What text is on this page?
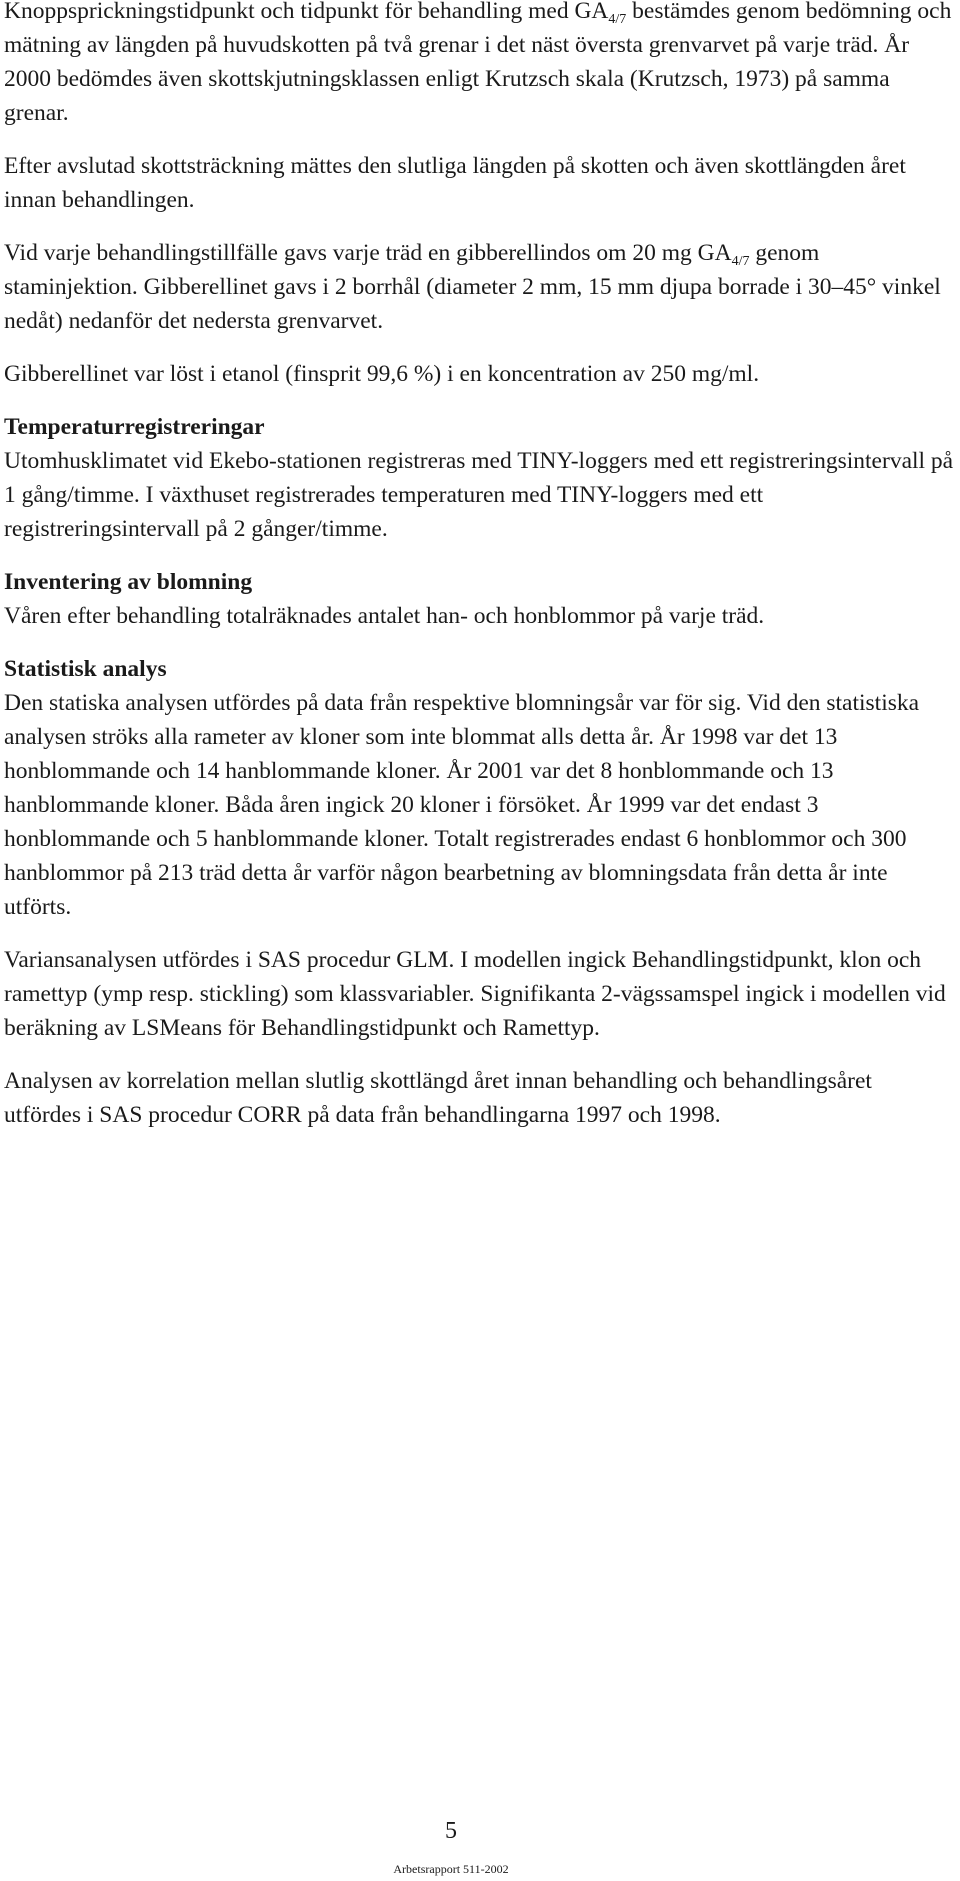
Knoppsprickningstidpunkt och tidpunkt för behandling med $GA_{4/7}$ bestämdes genom bedömning och mätning av längden på huvudskotten på två grenar i det näst översta grenvarvet på varje träd. År 2000 bedömdes även skottskjutningsklassen enligt Krutzsch skala (Krutzsch, 1973) på samma grenar.

Efter avslutad skottsträckning mättes den slutliga längden på skotten och även skottlängden året innan behandlingen.

Vid varje behandlingstillfälle gavs varje träd en gibberellindos om 20 mg $GA_{4/7}$ genom staminjektion. Gibberellinet gavs i 2 borrhål (diameter 2 mm, 15 mm djupa borrade i 30–45° vinkel nedåt) nedanför det nedersta grenvarvet.

Gibberellinet var löst i etanol (finsprit 99,6 %) i en koncentration av 250 mg/ml.

Temperaturregistreringar

Utomhusklimatet vid Ekebo-stationen registreras med TINY-loggers med ett registreringsintervall på 1 gång/timme. I växthuset registrerades temperaturen med TINY-loggers med ett registreringsintervall på 2 gånger/timme.

Inventering av blomning

Våren efter behandling totalräknades antalet han- och honblommor på varje träd.

Statistisk analys

Den statiska analysen utfördes på data från respektive blomningsår var för sig. Vid den statistiska analysen ströks alla rameter av kloner som inte blommat alls detta år. År 1998 var det 13 honblommande och 14 hanblommande kloner. År 2001 var det 8 honblommande och 13 hanblommande kloner. Båda åren ingick 20 kloner i försöket. År 1999 var det endast 3 honblommande och 5 hanblommande kloner. Totalt registrerades endast 6 honblommor och 300 hanblommor på 213 träd detta år varför någon bearbetning av blomningsdata från detta år inte utförts.

Variansanalysen utfördes i SAS procedur GLM. I modellen ingick Behandlingstidpunkt, klon och ramettyp (ymp resp. stickling) som klassvariabler. Signifikanta 2-vägssamspel ingick i modellen vid beräkning av LSMeans för Behandlingstidpunkt och Ramettyp.

Analysen av korrelation mellan slutlig skottlängd året innan behandling och behandlingsåret utfördes i SAS procedur CORR på data från behandlingarna 1997 och 1998.

5
Arbetsrapport 511-2002
